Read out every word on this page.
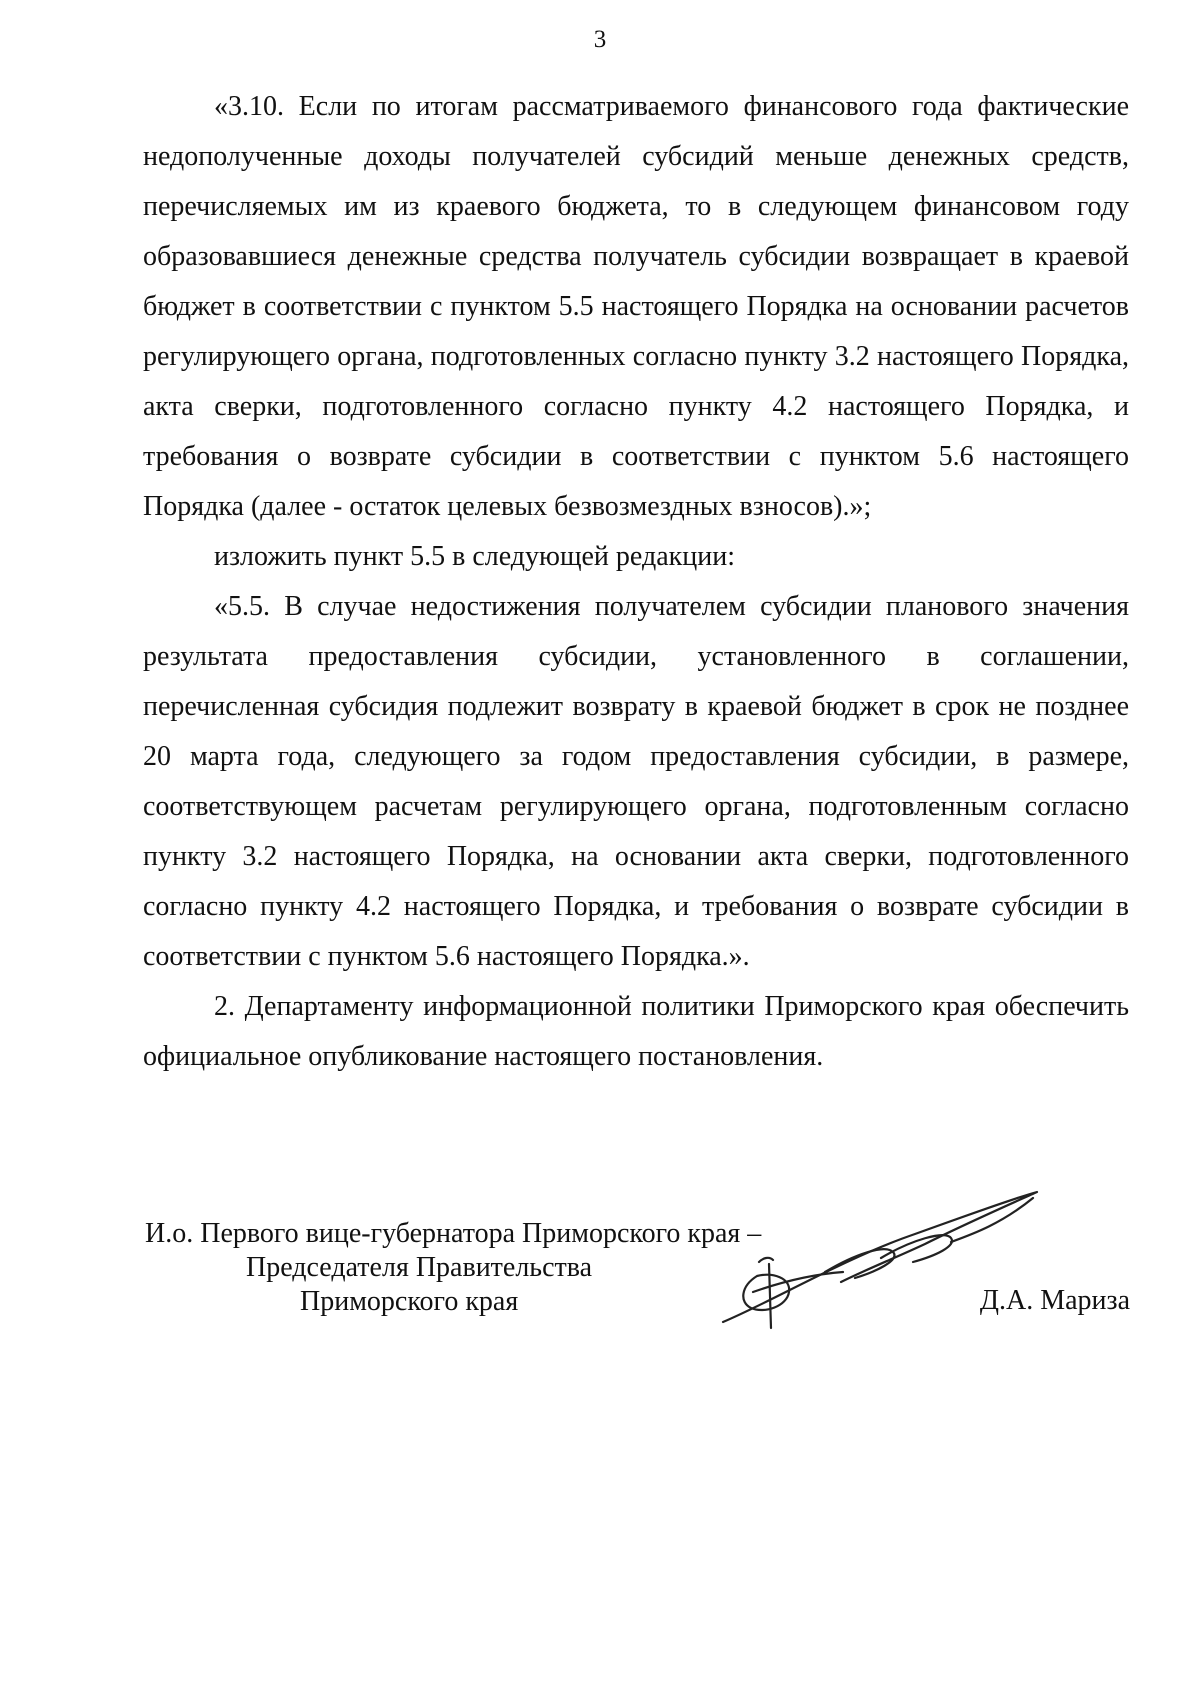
3

«3.10. Если по итогам рассматриваемого финансового года фактические недополученные доходы получателей субсидий меньше денежных средств, перечисляемых им из краевого бюджета, то в следующем финансовом году образовавшиеся денежные средства получатель субсидии возвращает в краевой бюджет в соответствии с пунктом 5.5 настоящего Порядка на основании расчетов регулирующего органа, подготовленных согласно пункту 3.2 настоящего Порядка, акта сверки, подготовленного согласно пункту 4.2 настоящего Порядка, и требования о возврате субсидии в соответствии с пунктом 5.6 настоящего Порядка (далее - остаток целевых безвозмездных взносов).»;

изложить пункт 5.5 в следующей редакции:

«5.5. В случае недостижения получателем субсидии планового значения результата предоставления субсидии, установленного в соглашении, перечисленная субсидия подлежит возврату в краевой бюджет в срок не позднее 20 марта года, следующего за годом предоставления субсидии, в размере, соответствующем расчетам регулирующего органа, подготовленным согласно пункту 3.2 настоящего Порядка, на основании акта сверки, подготовленного согласно пункту 4.2 настоящего Порядка, и требования о возврате субсидии в соответствии с пунктом 5.6 настоящего Порядка.».

2. Департаменту информационной политики Приморского края обеспечить официальное опубликование настоящего постановления.

И.о. Первого вице-губернатора Приморского края –
Председателя Правительства
Приморского края	Д.А. Мариза
